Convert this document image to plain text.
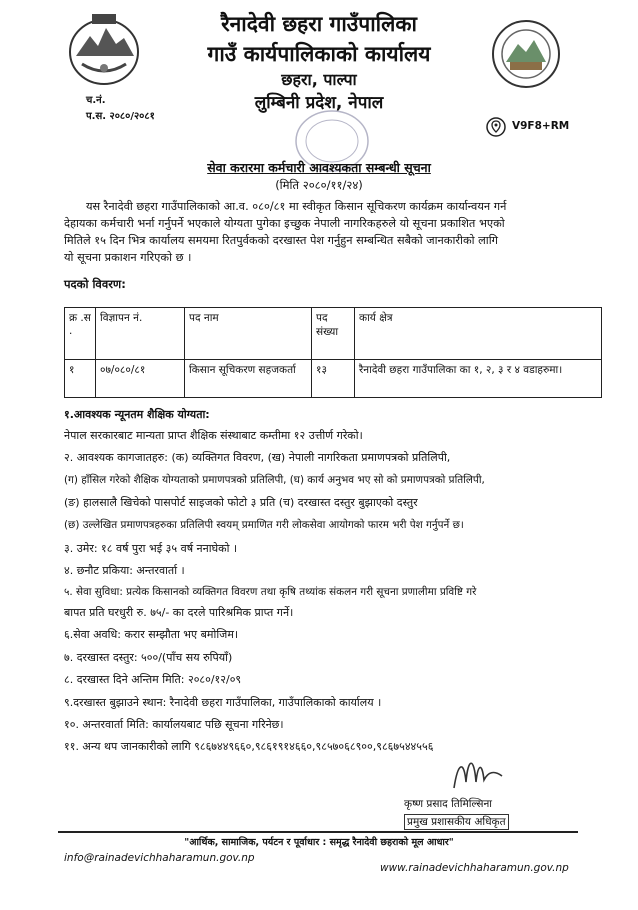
रैनादेवी छहरा गाउँपालिका
गाउँ कार्यपालिकाको कार्यालय
छहरा, पाल्पा
लुम्बिनी प्रदेश, नेपाल
च.नं.
प.स. २०८०/२०८१
V9F8+RM
सेवा करारमा कर्मचारी आवश्यकता सम्बन्धी सूचना
(मिति २०८०/११/२४)
यस रैनादेवी छहरा गाउँपालिकाको आ.व. ०८०/८१ मा स्वीकृत किसान सूचिकरण कार्यक्रम कार्यान्वयन गर्न
देहायका कर्मचारी भर्ना गर्नुपर्ने भएकाले योग्यता पुगेका इच्छुक नेपाली नागरिकहरुले यो सूचना प्रकाशित भएको
मितिले १५ दिन भित्र कार्यालय समयमा रितपुर्वकको दरखास्त पेश गर्नुहुन सम्बन्धित सबैको जानकारीको लागि
यो सूचना प्रकाशन गरिएको छ ।
पदको विवरण:
क्र .स .	विज्ञापन नं.	पद नाम	पद संख्या	कार्य क्षेत्र
१	०७/०८०/८१	किसान सूचिकरण सहजकर्ता	१३	रैनादेवी छहरा गाउँपालिका का १, २, ३ र ४ वडाहरुमा।
१.आवश्यक न्यूनतम शैक्षिक योग्यता:
नेपाल सरकारबाट मान्यता प्राप्त शैक्षिक संस्थाबाट कम्तीमा १२ उत्तीर्ण गरेको।
२. आवश्यक कागजातहरु: (क) व्यक्तिगत विवरण, (ख) नेपाली नागरिकता प्रमाणपत्रको प्रतिलिपी,
(ग) हाँसिल गरेको शैक्षिक योग्यताको प्रमाणपत्रको प्रतिलिपी, (घ) कार्य अनुभव भए सो को प्रमाणपत्रको प्रतिलिपी,
(ङ) हालसालै खिचेको पासपोर्ट साइजको फोटो ३ प्रति (च) दरखास्त दस्तुर बुझाएको दस्तुर
(छ) उल्लेखित प्रमाणपत्रहरुका प्रतिलिपी स्वयम् प्रमाणित गरी लोकसेवा आयोगको फारम भरी पेश गर्नुपर्ने छ।
३. उमेर: १८ वर्ष पुरा भई ३५ वर्ष ननाघेको ।
४. छनौट प्रकिया: अन्तरवार्ता ।
५. सेवा सुविधा: प्रत्येक किसानको व्यक्तिगत विवरण तथा कृषि तथ्यांक संकलन गरी सूचना प्रणालीमा प्रविष्टि गरे
बापत प्रति घरधुरी रु. ७५/- का दरले पारिश्रमिक प्राप्त गर्ने।
६.सेवा अवधि: करार सम्झौता भए बमोजिम।
७. दरखास्त दस्तुर: ५००/(पाँच सय रुपियाँ)
८. दरखास्त दिने अन्तिम मिति: २०८०/१२/०९
९.दरखास्त बुझाउने स्थान: रैनादेवी छहरा गाउँपालिका, गाउँपालिकाको कार्यालय ।
१०. अन्तरवार्ता मिति: कार्यालयबाट पछि सूचना गरिनेछ।
११. अन्य थप जानकारीको लागि ९८६७४४९६६०,९८६१९१४६६०,९८५७०६८९००,९८६७५४४५५६
कृष्ण प्रसाद तिमिल्सिना
प्रमुख प्रशासकीय अधिकृत
"आर्थिक, सामाजिक, पर्यटन र पूर्वाधार : समृद्ध रैनादेवी छहराको मूल आधार"
info@rainadevichhaharamun.gov.np
www.rainadevichhaharamun.gov.np
